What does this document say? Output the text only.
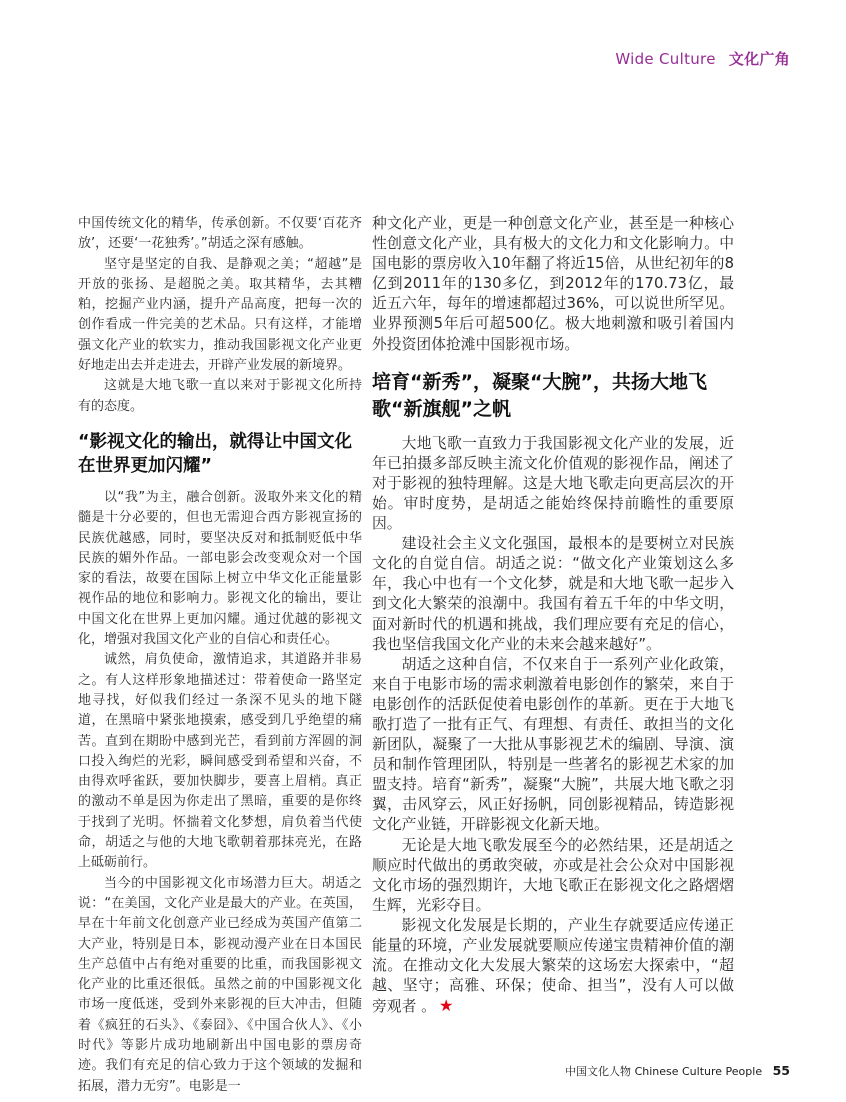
Wide Culture 文化广角

中国传统文化的精华，传承创新。不仅要‘百花齐放’，还要‘一花独秀’。”胡适之深有感触。

坚守是坚定的自我、是静观之美；“超越”是开放的张扬、是超脱之美。取其精华，去其糟粕，挖掘产业内涵，提升产品高度，把每一次的创作看成一件完美的艺术品。只有这样，才能增强文化产业的软实力，推动我国影视文化产业更好地走出去并走进去，开辟产业发展的新境界。

这就是大地飞歌一直以来对于影视文化所持有的态度。

“影视文化的输出，就得让中国文化在世界更加闪耀”

以“我”为主，融合创新。汲取外来文化的精髓是十分必要的，但也无需迎合西方影视宣扬的民族优越感，同时，要坚决反对和抵制贬低中华民族的媚外作品。一部电影会改变观众对一个国家的看法，故要在国际上树立中华文化正能量影视作品的地位和影响力。影视文化的输出，要让中国文化在世界上更加闪耀。通过优越的影视文化，增强对我国文化产业的自信心和责任心。

诚然，肩负使命，激情追求，其道路并非易之。有人这样形象地描述过：带着使命一路坚定地寻找，好似我们经过一条深不见头的地下隧道，在黑暗中紧张地摸索，感受到几乎绝望的痛苦。直到在期盼中感到光芒，看到前方浑圆的洞口投入绚烂的光彩，瞬间感受到希望和兴奋，不由得欢呼雀跃，要加快脚步，要喜上眉梢。真正的激动不单是因为你走出了黑暗，重要的是你终于找到了光明。怀揣着文化梦想，肩负着当代使命，胡适之与他的大地飞歌朝着那抹亮光，在路上砥砺前行。

当今的中国影视文化市场潜力巨大。胡适之说：“在美国，文化产业是最大的产业。在英国，早在十年前文化创意产业已经成为英国产值第二大产业，特别是日本，影视动漫产业在日本国民生产总值中占有绝对重要的比重，而我国影视文化产业的比重还很低。虽然之前的中国影视文化市场一度低迷，受到外来影视的巨大冲击，但随着《疯狂的石头》、《泰囧》、《中国合伙人》、《小时代》等影片成功地刷新出中国电影的票房奇迹。我们有充足的信心致力于这个领域的发掘和拓展，潜力无穷”。电影是一

种文化产业，更是一种创意文化产业，甚至是一种核心性创意文化产业，具有极大的文化力和文化影响力。中国电影的票房收入10年翻了将近15倍，从世纪初年的8亿到2011年的130多亿，到2012年的170.73亿，最近五六年，每年的增速都超过36%，可以说世所罕见。业界预测5年后可超500亿。极大地刺激和吸引着国内外投资团体抢滩中国影视市场。

培育“新秀”，凝聚“大腕”，共扬大地飞歌“新旗舰”之帆

大地飞歌一直致力于我国影视文化产业的发展，近年已拍摄多部反映主流文化价值观的影视作品，阐述了对于影视的独特理解。这是大地飞歌走向更高层次的开始。审时度势，是胡适之能始终保持前瞻性的重要原因。

建设社会主义文化强国，最根本的是要树立对民族文化的自觉自信。胡适之说：“做文化产业策划这么多年，我心中也有一个文化梦，就是和大地飞歌一起步入到文化大繁荣的浪潮中。我国有着五千年的中华文明，面对新时代的机遇和挑战，我们理应要有充足的信心，我也坚信我国文化产业的未来会越来越好”。

胡适之这种自信，不仅来自于一系列产业化政策，来自于电影市场的需求刺激着电影创作的繁荣，来自于电影创作的活跃促使着电影创作的革新。更在于大地飞歌打造了一批有正气、有理想、有责任、敢担当的文化新团队，凝聚了一大批从事影视艺术的编剧、导演、演员和制作管理团队，特别是一些著名的影视艺术家的加盟支持。培育“新秀”，凝聚“大腕”，共展大地飞歌之羽翼，击风穿云，风正好扬帆，同创影视精品，铸造影视文化产业链，开辟影视文化新天地。

无论是大地飞歌发展至今的必然结果，还是胡适之顺应时代做出的勇敢突破，亦或是社会公众对中国影视文化市场的强烈期许，大地飞歌正在影视文化之路熠熠生辉，光彩夺目。

影视文化发展是长期的，产业生存就要适应传递正能量的环境，产业发展就要顺应传递宝贵精神价值的潮流。在推动文化大发展大繁荣的这场宏大探索中，“超越、坚守；高雅、环保；使命、担当”，没有人可以做旁观者 。 ★

中国文化人物 Chinese Culture People 55
